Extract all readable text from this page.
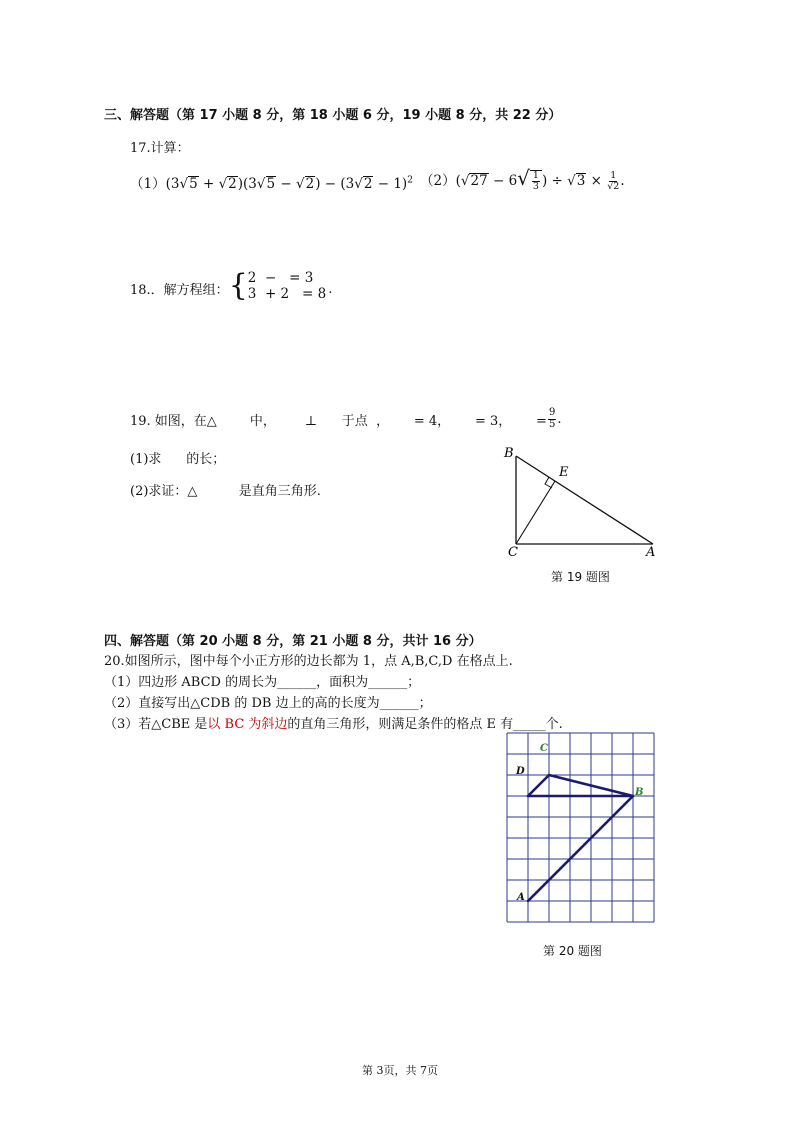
三、解答题（第 17 小题 8 分，第 18 小题 6 分，19 小题 8 分，共 22 分）
17.计算：
$(1)(3√5 + √2)(3√5 - √2) - (3√2 - 1)^2$ $(2)(√27 - 6√ \frac{1}{3}$ ) ÷ $√3 \times \frac{1}{√2}$ .
18.．解方程组： { 2  −   = 3
3  + 2   = 8 .
19. 如图，在△        中，       ⊥      于点  ，      = 4，      = 3，      = $\frac{9}{5}$ .
(1)求      的长；
(2)求证：△          是直角三角形.
B
E
C	A
第 19 题图
四、解答题（第 20 小题 8 分，第 21 小题 8 分，共计 16 分）
20.如图所示，图中每个小正方形的边长都为 1，点 A,B,C,D 在格点上.
（1）四边形 ABCD 的周长为______，面积为______；
（2）直接写出△CDB 的 DB 边上的高的长度为______；
（3）若△CBE 是以 BC 为斜边的直角三角形，则满足条件的格点 E 有_____个.
C
D
B
A
第 20 题图
第 3页，共 7页
